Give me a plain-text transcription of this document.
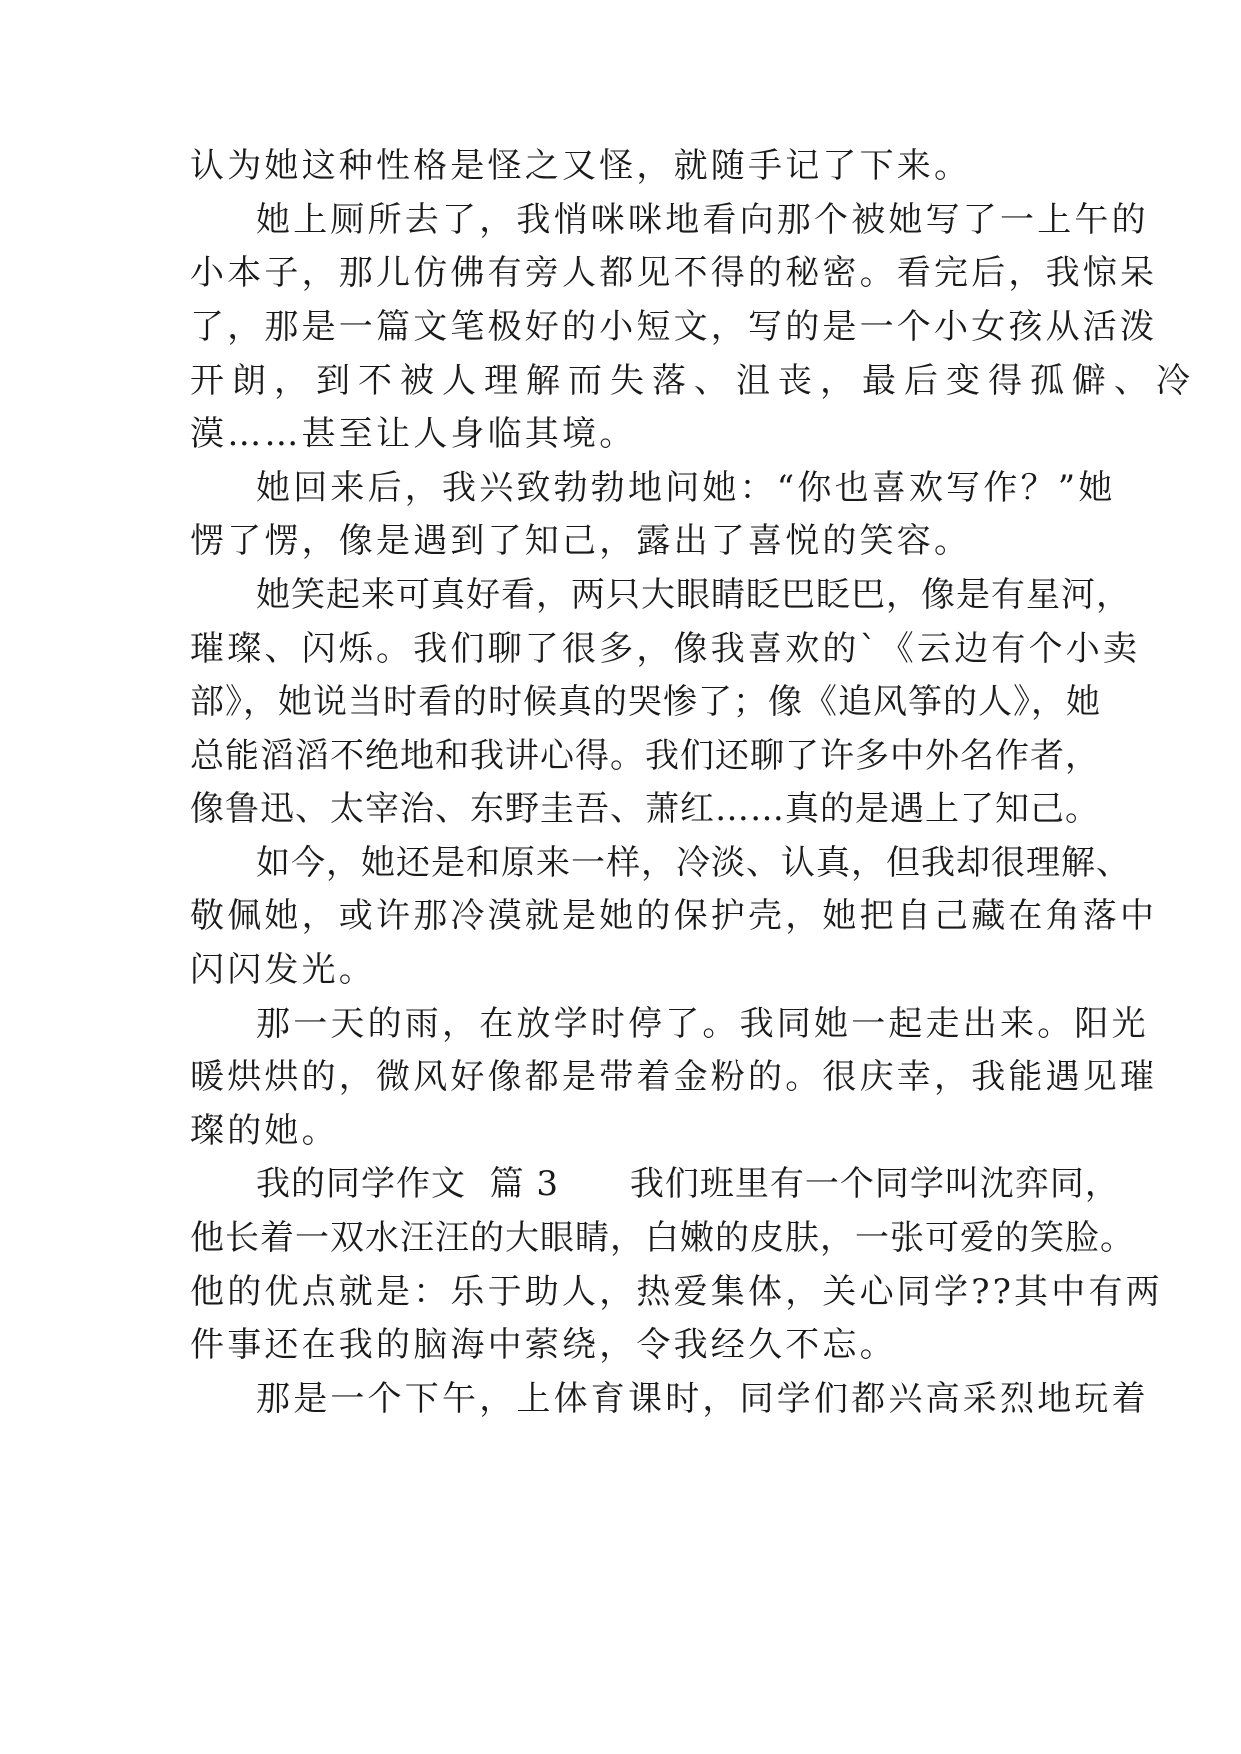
认为她这种性格是怪之又怪，就随手记了下来。
她上厕所去了，我悄咪咪地看向那个被她写了一上午的
小本子，那儿仿佛有旁人都见不得的秘密。看完后，我惊呆
了，那是一篇文笔极好的小短文，写的是一个小女孩从活泼
开朗，到不被人理解而失落、沮丧，最后变得孤僻、冷
漠……甚至让人身临其境。
她回来后，我兴致勃勃地问她：“你也喜欢写作？”她
愣了愣，像是遇到了知己，露出了喜悦的笑容。
她笑起来可真好看，两只大眼睛眨巴眨巴，像是有星河，
璀璨、闪烁。我们聊了很多，像我喜欢的`《云边有个小卖
部》，她说当时看的时候真的哭惨了；像《追风筝的人》，她
总能滔滔不绝地和我讲心得。我们还聊了许多中外名作者，
像鲁迅、太宰治、东野圭吾、萧红……真的是遇上了知己。
如今，她还是和原来一样，冷淡、认真，但我却很理解、
敬佩她，或许那冷漠就是她的保护壳，她把自己藏在角落中
闪闪发光。
那一天的雨，在放学时停了。我同她一起走出来。阳光
暖烘烘的，微风好像都是带着金粉的。很庆幸，我能遇见璀
璨的她。
我的同学作文  篇 3      我们班里有一个同学叫沈弈同，
他长着一双水汪汪的大眼睛，白嫩的皮肤，一张可爱的笑脸。
他的优点就是：乐于助人，热爱集体，关心同学??其中有两
件事还在我的脑海中萦绕，令我经久不忘。
那是一个下午，上体育课时，同学们都兴高采烈地玩着
